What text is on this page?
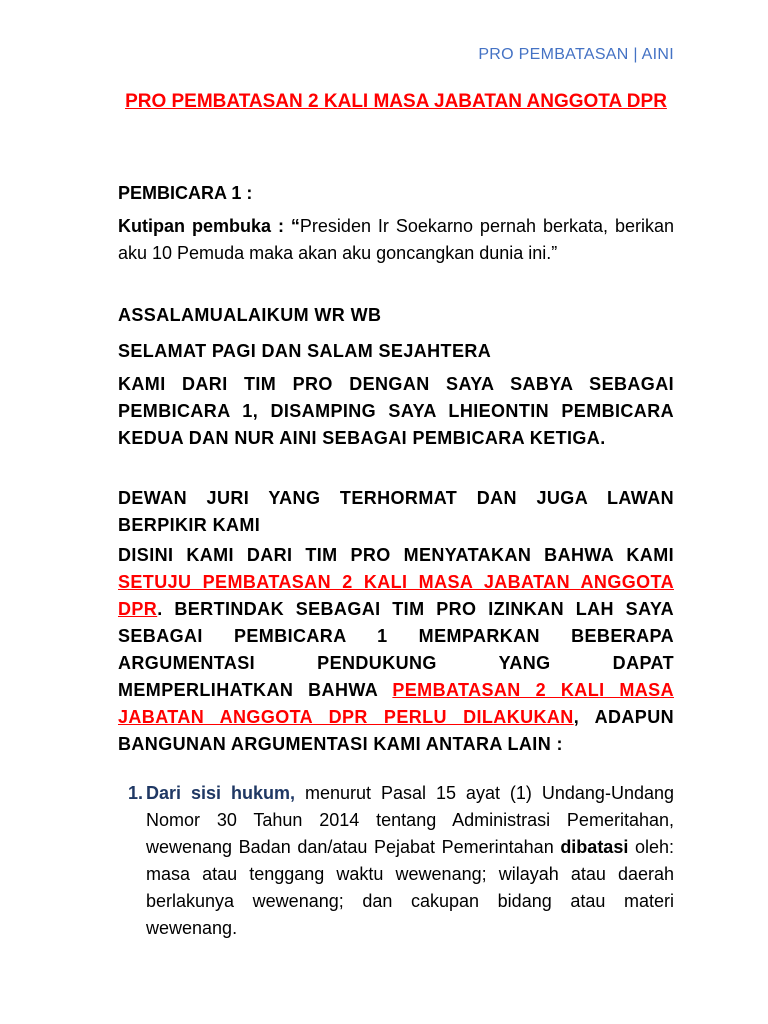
PRO PEMBATASAN | AINI
PRO PEMBATASAN 2 KALI MASA JABATAN ANGGOTA DPR
PEMBICARA 1 :
Kutipan pembuka : “Presiden Ir Soekarno pernah berkata, berikan aku 10 Pemuda maka akan aku goncangkan dunia ini.”
ASSALAMUALAIKUM WR WB
SELAMAT PAGI DAN SALAM SEJAHTERA
KAMI DARI TIM PRO DENGAN SAYA SABYA SEBAGAI PEMBICARA 1, DISAMPING SAYA LHIEONTIN PEMBICARA KEDUA DAN NUR AINI SEBAGAI PEMBICARA KETIGA.
DEWAN JURI YANG TERHORMAT DAN JUGA LAWAN BERPIKIR KAMI
DISINI KAMI DARI TIM PRO MENYATAKAN BAHWA KAMI SETUJU PEMBATASAN 2 KALI MASA JABATAN ANGGOTA DPR. BERTINDAK SEBAGAI TIM PRO IZINKAN LAH SAYA SEBAGAI PEMBICARA 1 MEMPARKAN BEBERAPA ARGUMENTASI PENDUKUNG YANG DAPAT MEMPERLIHATKAN BAHWA PEMBATASAN 2 KALI MASA JABATAN ANGGOTA DPR PERLU DILAKUKAN, ADAPUN BANGUNAN ARGUMENTASI KAMI ANTARA LAIN :
1. Dari sisi hukum, menurut Pasal 15 ayat (1) Undang-Undang Nomor 30 Tahun 2014 tentang Administrasi Pemeritahan, wewenang Badan dan/atau Pejabat Pemerintahan dibatasi oleh: masa atau tenggang waktu wewenang; wilayah atau daerah berlakunya wewenang; dan cakupan bidang atau materi wewenang.
